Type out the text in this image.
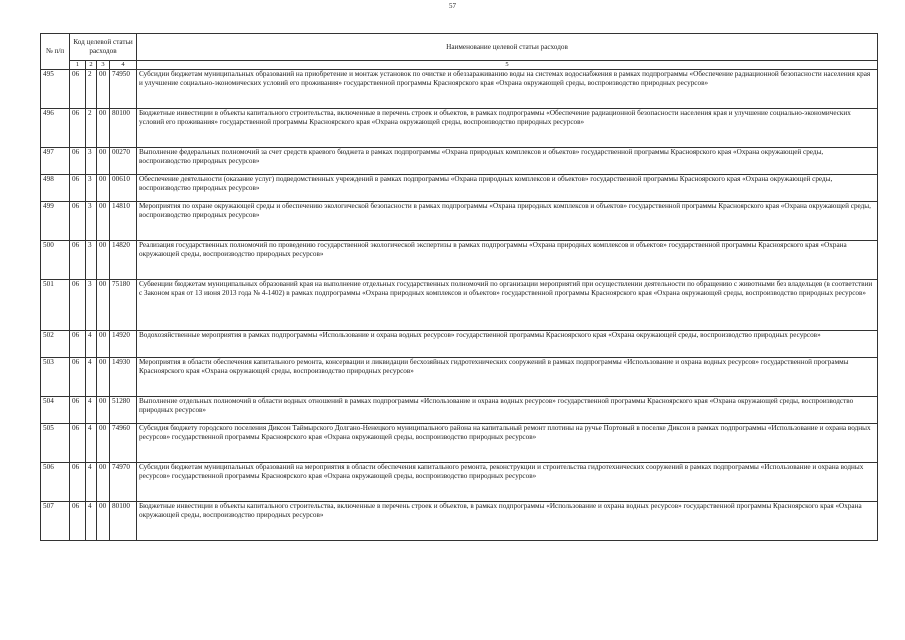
57
№ п/п	Код целевой статьи расходов				Наименование целевой статьи расходов
	1	2	3	4	5
495	06	2	00	74950	Субсидии бюджетам муниципальных образований на приобретение и монтаж установок по очистке и обеззараживанию воды на системах водоснабжения в рамках подпрограммы «Обеспечение радиационной безопасности населения края и улучшение социально-экономических условий его проживания» государственной программы Красноярского края «Охрана окружающей среды, воспроизводство природных ресурсов»
496	06	2	00	80100	Бюджетные инвестиции в объекты капитального строительства, включенные в перечень строек и объектов, в рамках подпрограммы «Обеспечение радиационной безопасности населения края и улучшение социально-экономических условий его проживания» государственной программы Красноярского края «Охрана окружающей среды, воспроизводство природных ресурсов»
497	06	3	00	00270	Выполнение федеральных полномочий за счет средств краевого бюджета в рамках подпрограммы «Охрана природных комплексов и объектов» государственной программы Красноярского края «Охрана окружающей среды, воспроизводство природных ресурсов»
498	06	3	00	00610	Обеспечение деятельности (оказание услуг) подведомственных учреждений в рамках подпрограммы «Охрана природных комплексов и объектов» государственной программы Красноярского края «Охрана окружающей среды, воспроизводство природных ресурсов»
499	06	3	00	14810	Мероприятия по охране окружающей среды и обеспечению экологической безопасности в рамках подпрограммы «Охрана природных комплексов и объектов» государственной программы Красноярского края «Охрана окружающей среды, воспроизводство природных ресурсов»
500	06	3	00	14820	Реализация государственных полномочий по проведению государственной экологической экспертизы в рамках подпрограммы «Охрана природных комплексов и объектов» государственной программы Красноярского края «Охрана окружающей среды, воспроизводство природных ресурсов»
501	06	3	00	75180	Субвенции бюджетам муниципальных образований края на выполнение отдельных государственных полномочий по организации мероприятий при осуществлении деятельности по обращению с животными без владельцев (в соответствии с Законом края от 13 июня 2013 года № 4-1402) в рамках подпрограммы «Охрана природных комплексов и объектов» государственной программы Красноярского края «Охрана окружающей среды, воспроизводство природных ресурсов»
502	06	4	00	14920	Водохозяйственные мероприятия в рамках подпрограммы «Использование и охрана водных ресурсов» государственной программы Красноярского края «Охрана окружающей среды, воспроизводство природных ресурсов»
503	06	4	00	14930	Мероприятия в области обеспечения капитального ремонта, консервации и ликвидации бесхозяйных гидротехнических сооружений в рамках подпрограммы «Использование и охрана водных ресурсов» государственной программы Красноярского края «Охрана окружающей среды, воспроизводство природных ресурсов»
504	06	4	00	51280	Выполнение отдельных полномочий в области водных отношений в рамках подпрограммы «Использование и охрана водных ресурсов» государственной программы Красноярского края «Охрана окружающей среды, воспроизводство природных ресурсов»
505	06	4	00	74960	Субсидия бюджету городского поселения Диксон Таймырского Долгано-Ненецкого муниципального района на капитальный ремонт плотины на ручье Портовый в поселке Диксон в рамках подпрограммы «Использование и охрана водных ресурсов» государственной программы Красноярского края «Охрана окружающей среды, воспроизводство природных ресурсов»
506	06	4	00	74970	Субсидии бюджетам муниципальных образований на мероприятия в области обеспечения капитального ремонта, реконструкции и строительства гидротехнических сооружений в рамках подпрограммы «Использование и охрана водных ресурсов» государственной программы Красноярского края «Охрана окружающей среды, воспроизводство природных ресурсов»
507	06	4	00	80100	Бюджетные инвестиции в объекты капитального строительства, включенные в перечень строек и объектов, в рамках подпрограммы «Использование и охрана водных ресурсов» государственной программы Красноярского края «Охрана окружающей среды, воспроизводство природных ресурсов»
